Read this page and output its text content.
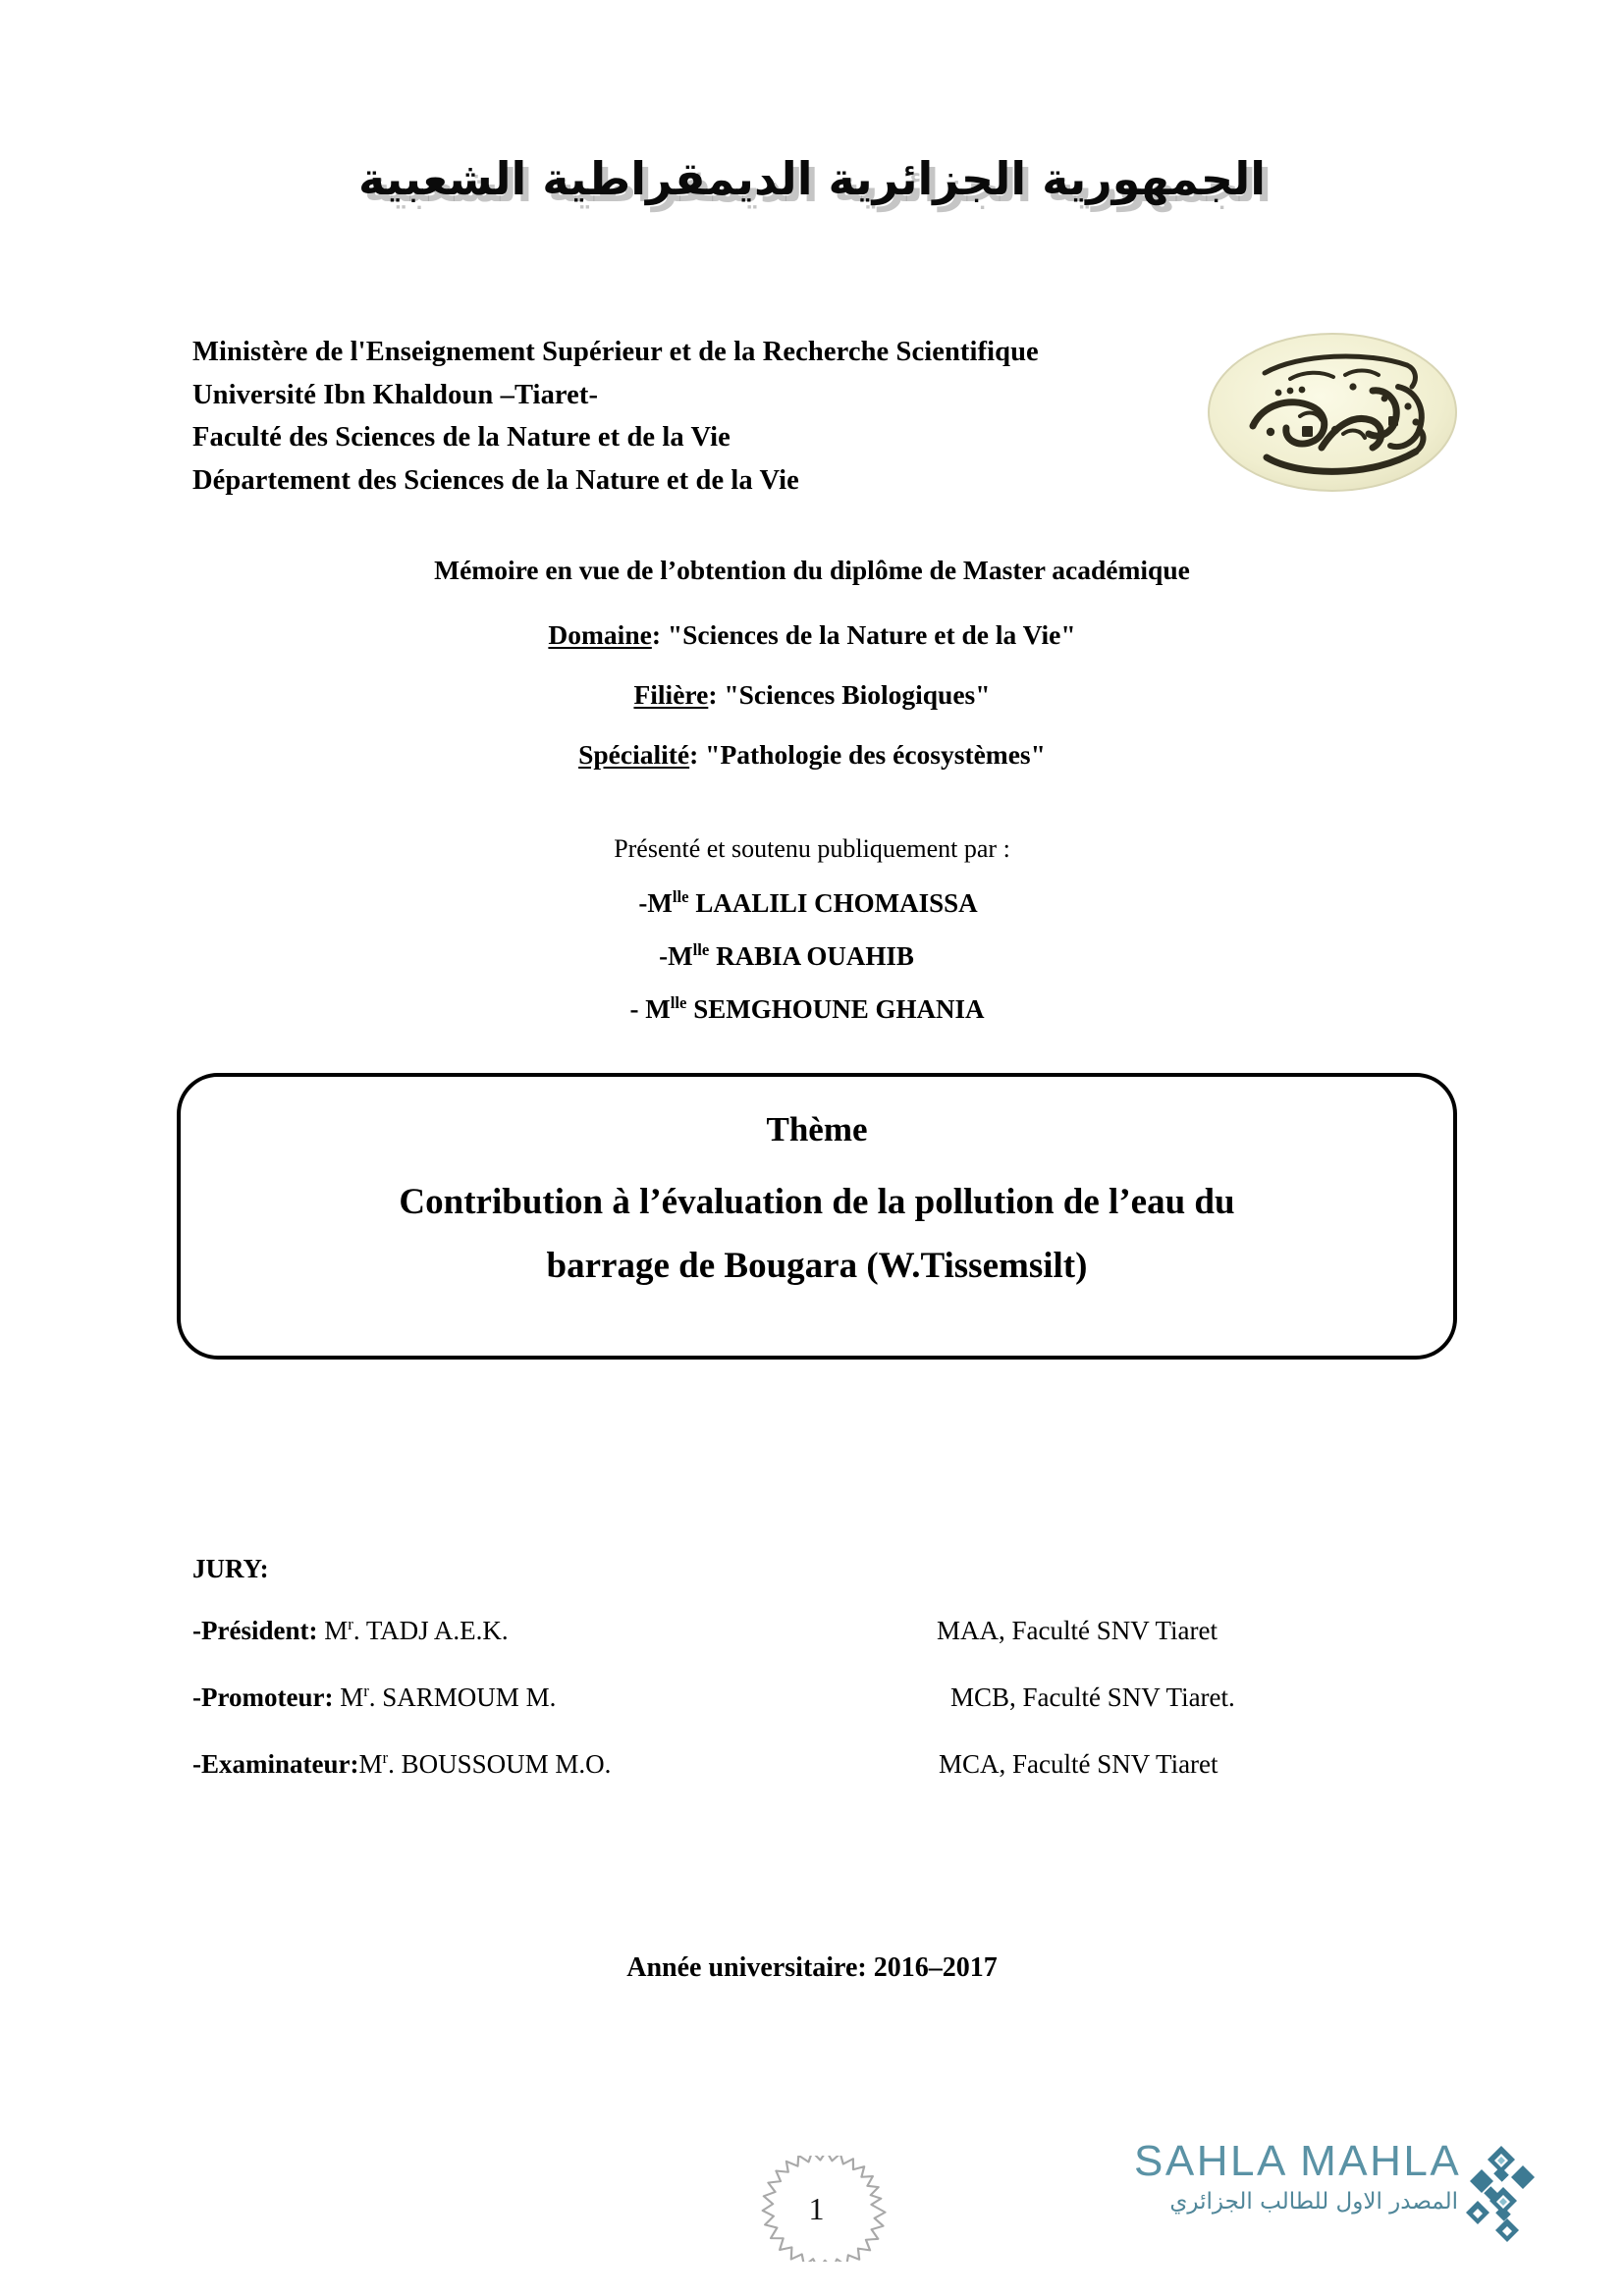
الجمهورية الجزائرية الديمقراطية الشعبية
Ministère de l'Enseignement Supérieur et de la Recherche Scientifique
Université Ibn Khaldoun –Tiaret-
Faculté des Sciences de la Nature et de la Vie
Département des Sciences de la Nature et de la Vie
Mémoire en vue de l’obtention du diplôme de Master académique
Domaine: "Sciences de la Nature et de la Vie"
Filière: "Sciences Biologiques"
Spécialité: "Pathologie des écosystèmes"
Présenté et soutenu publiquement par :
$-M^{lle}$ LAALILI CHOMAISSA
$-M^{lle}$ RABIA OUAHIB
- $M^{lle}$ SEMGHOUNE GHANIA
Thème
Contribution à l’évaluation de la pollution de l’eau du
barrage de Bougara (W.Tissemsilt)
JURY:
-Président: $M^r$. TADJ A.E.K.	MAA, Faculté SNV Tiaret
-Promoteur: $M^r$. SARMOUM M.	MCB, Faculté SNV Tiaret.
$-Examinateur:M^r$. BOUSSOUM M.O.	MCA, Faculté SNV Tiaret
Année universitaire: 2016–2017
1
SAHLA MAHLA
المصدر الاول للطالب الجزائري
